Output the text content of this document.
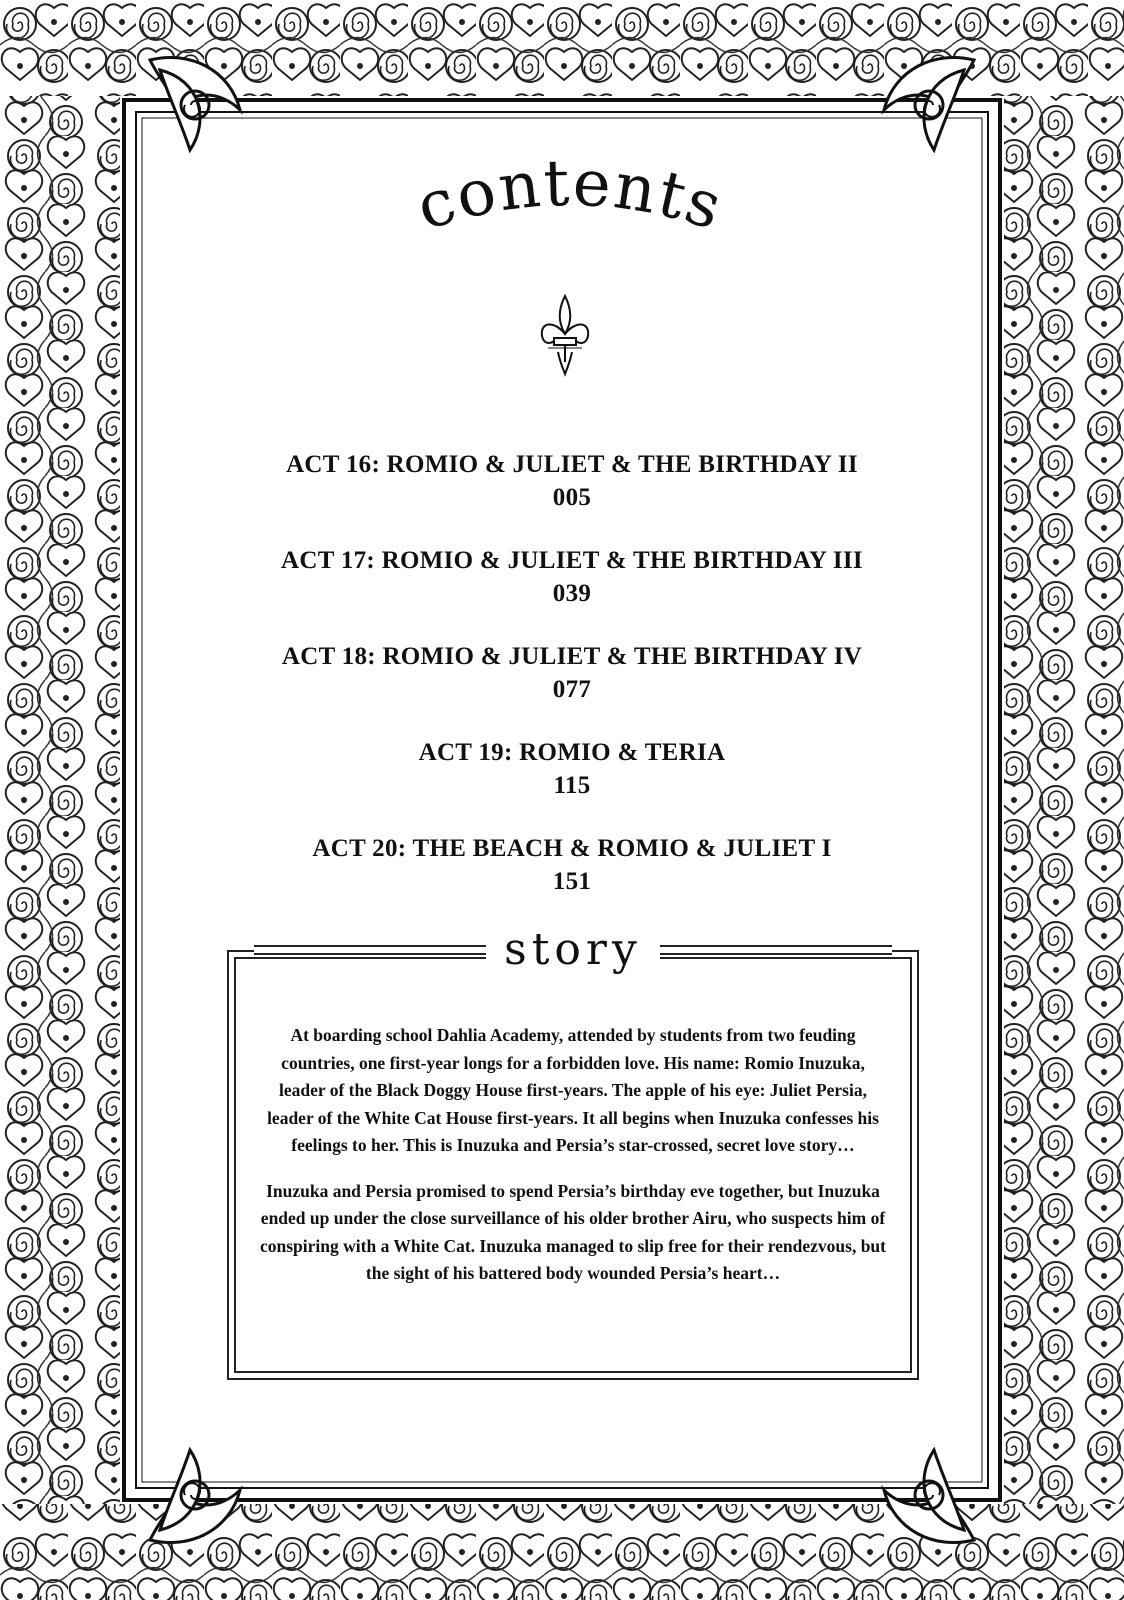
contents
ACT 16: ROMIO & JULIET & THE BIRTHDAY II
005
ACT 17: ROMIO & JULIET & THE BIRTHDAY III
039
ACT 18: ROMIO & JULIET & THE BIRTHDAY IV
077
ACT 19: ROMIO & TERIA
115
ACT 20: THE BEACH & ROMIO & JULIET I
151
story

At boarding school Dahlia Academy, attended by students from two feuding countries, one first-year longs for a forbidden love. His name: Romio Inuzuka, leader of the Black Doggy House first-years. The apple of his eye: Juliet Persia, leader of the White Cat House first-years. It all begins when Inuzuka confesses his feelings to her. This is Inuzuka and Persia’s star-crossed, secret love story…

Inuzuka and Persia promised to spend Persia’s birthday eve together, but Inuzuka ended up under the close surveillance of his older brother Airu, who suspects him of conspiring with a White Cat. Inuzuka managed to slip free for their rendezvous, but the sight of his battered body wounded Persia’s heart…
